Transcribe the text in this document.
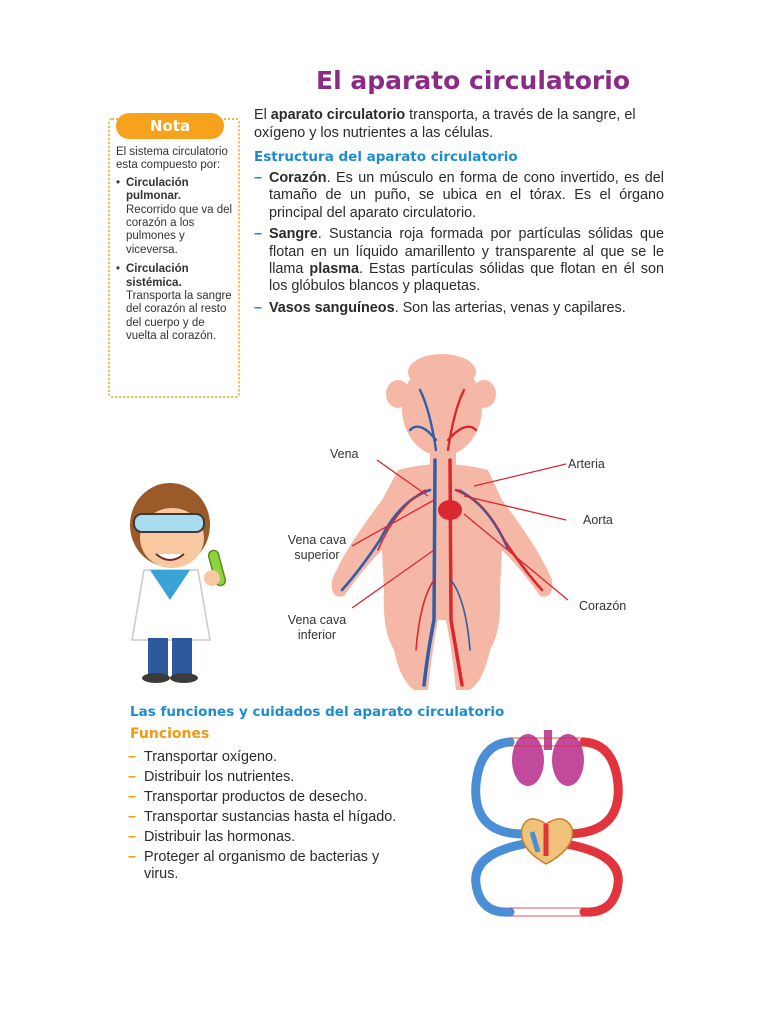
El aparato circulatorio
Nota

El sistema circulatorio esta compuesto por:

• Circulación pulmonar.
Recorrido que va del corazón a los pulmones y viceversa.
• Circulación sistémica.
Transporta la sangre del corazón al resto del cuerpo y de vuelta al corazón.
El aparato circulatorio transporta, a través de la sangre, el oxígeno y los nutrientes a las células.
Estructura del aparato circulatorio
– Corazón. Es un músculo en forma de cono invertido, es del tamaño de un puño, se ubica en el tórax. Es el órgano principal del aparato circulatorio.
– Sangre. Sustancia roja formada por partículas sólidas que flotan en un líquido amarillento y transparente al que se le llama plasma. Estas partículas sólidas que flotan en él son los glóbulos blancos y plaquetas.
– Vasos sanguíneos. Son las arterias, venas y capilares.
Vena
Vena cava
superior
Vena cava
inferior
Arteria
Aorta
Corazón
Las funciones y cuidados del aparato circulatorio
Funciones
– Transportar oxígeno.
– Distribuir los nutrientes.
– Transportar productos de desecho.
– Transportar sustancias hasta el hígado.
– Distribuir las hormonas.
– Proteger al organismo de bacterias y virus.
